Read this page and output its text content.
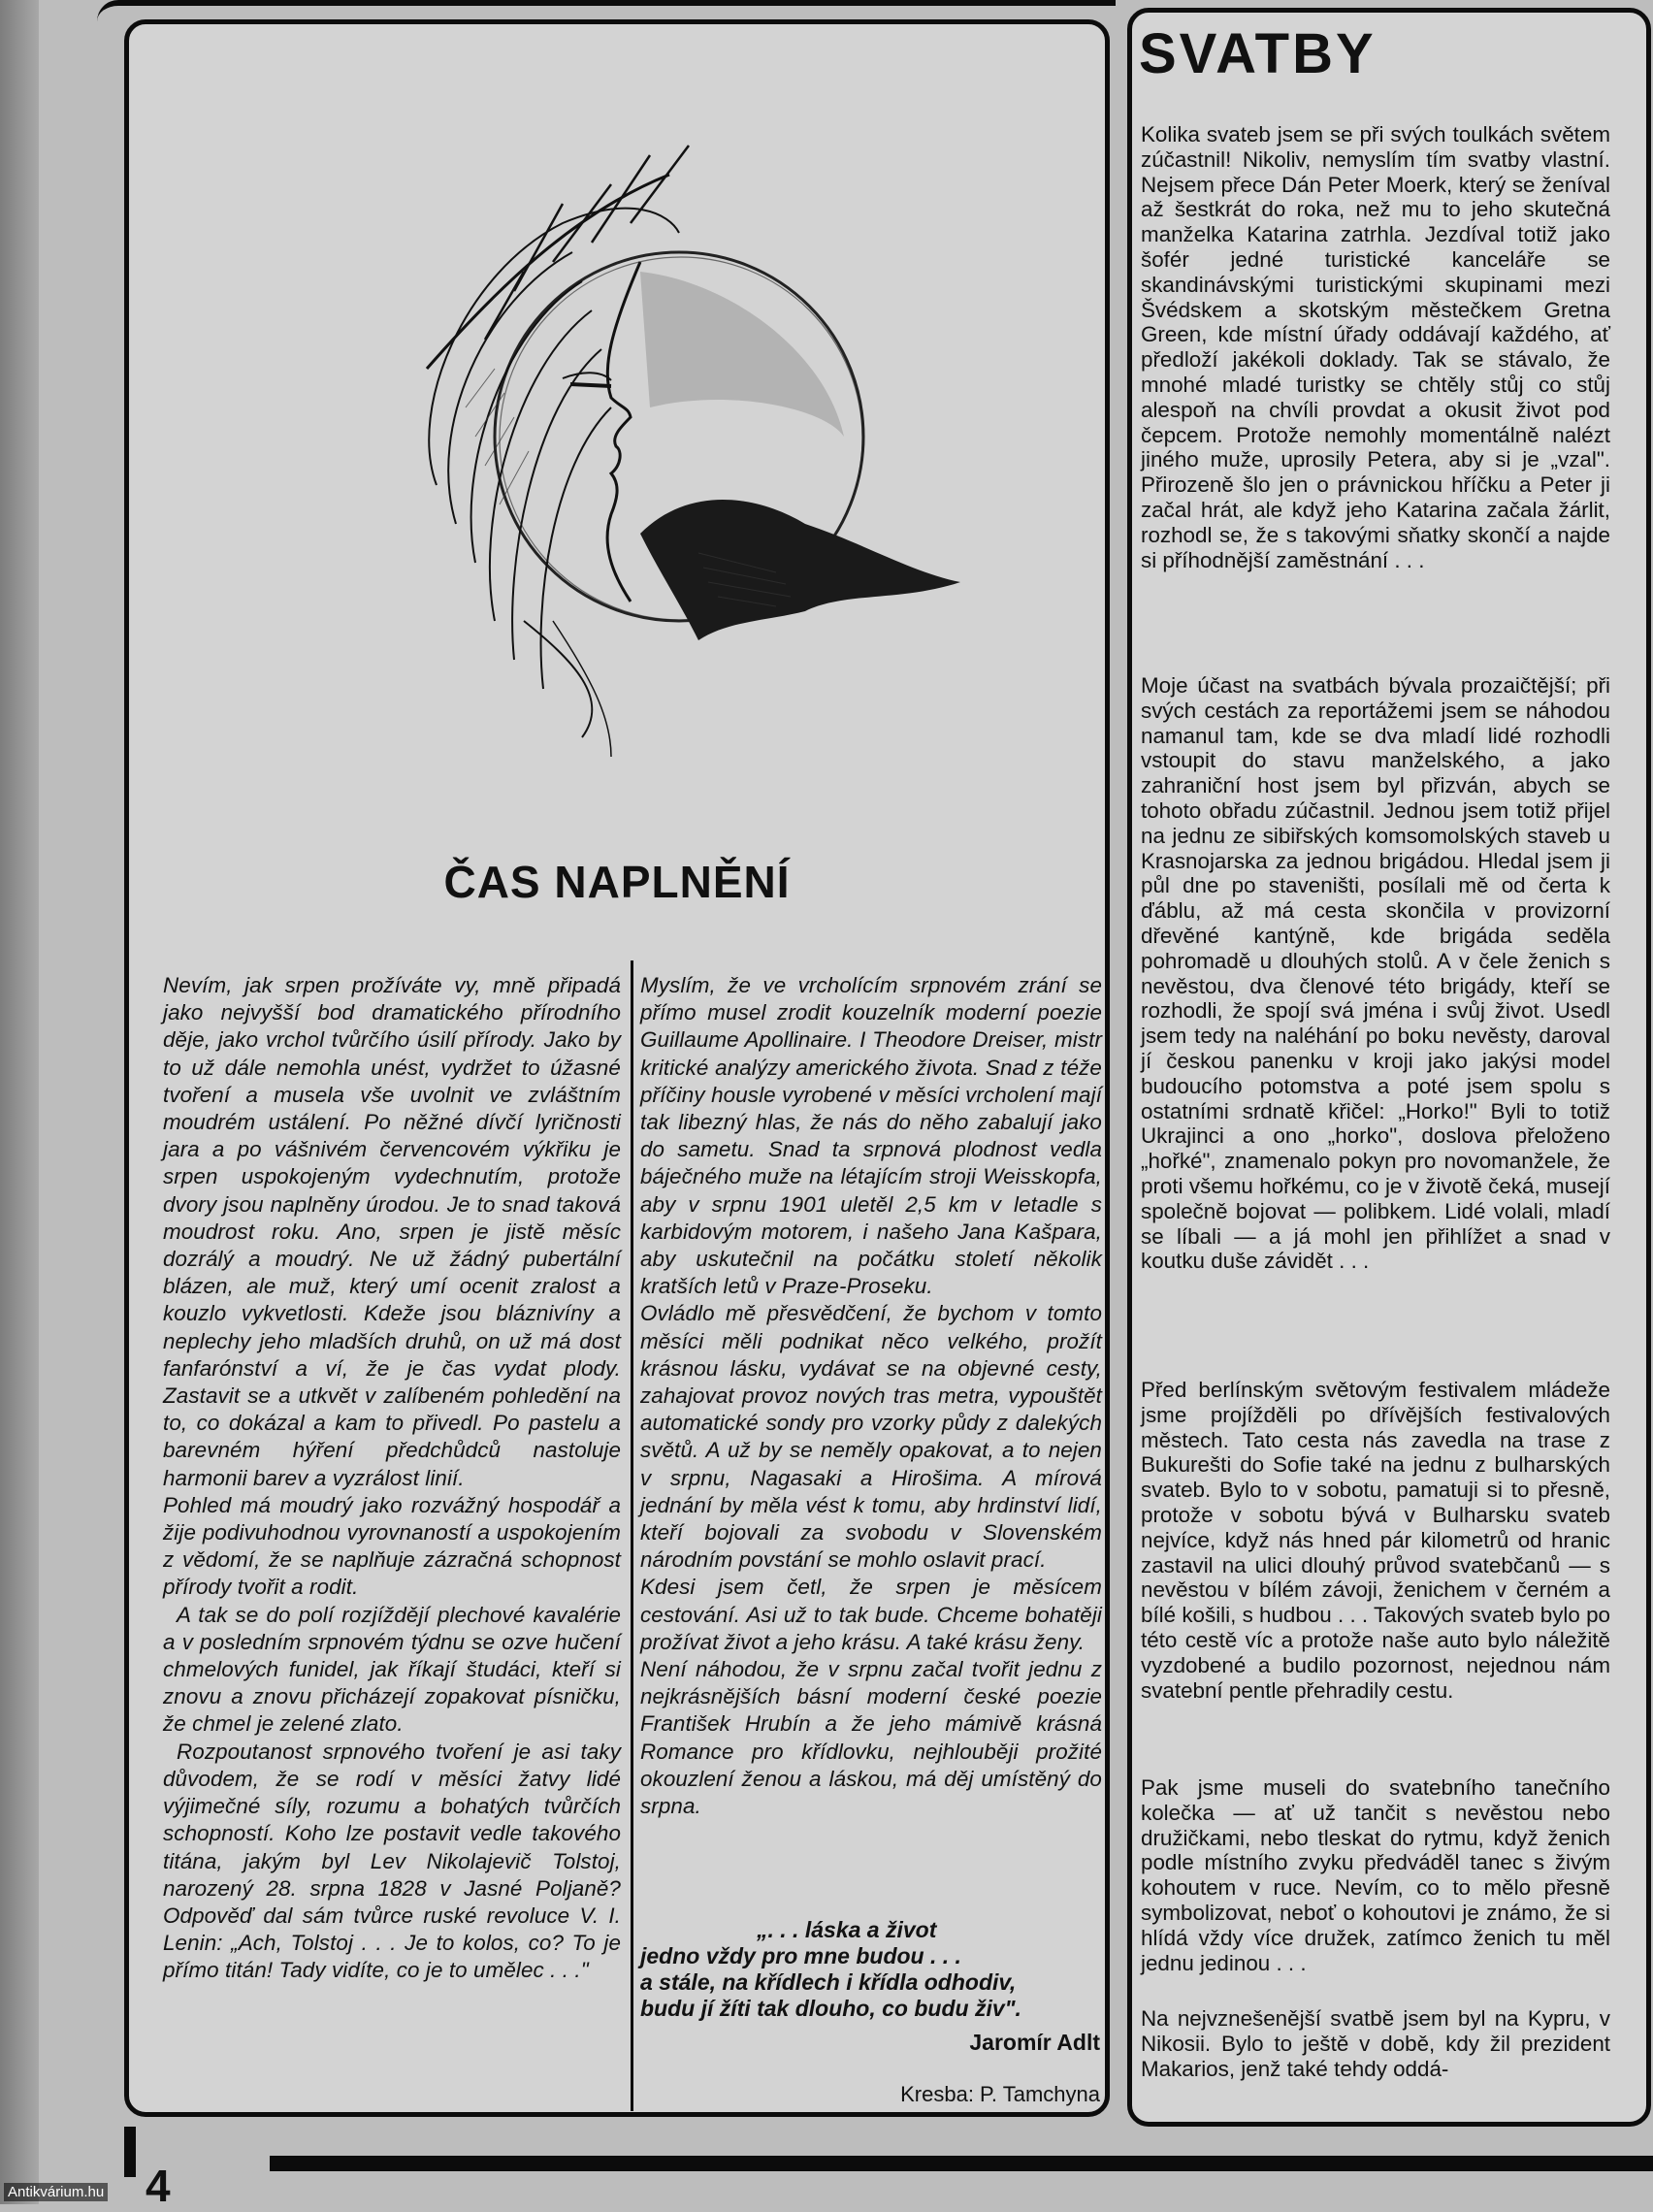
ČAS NAPLNĚNÍ

Nevím, jak srpen prožíváte vy, mně připadá jako nejvyšší bod dramatického přírodního děje, jako vrchol tvůrčího úsilí přírody. Jako by to už dále nemohla unést, vydržet to úžasné tvoření a musela vše uvolnit ve zvláštním moudrém ustálení. Po něžné dívčí lyričnosti jara a po vášnivém červencovém výkřiku je srpen uspokojeným vydechnutím, protože dvory jsou naplněny úrodou. Je to snad taková moudrost roku. Ano, srpen je jistě měsíc dozrálý a moudrý. Ne už žádný pubertální blázen, ale muž, který umí ocenit zralost a kouzlo vykvetlosti. Kdeže jsou bláznivíny a neplechy jeho mladších druhů, on už má dost fanfarónství a ví, že je čas vydat plody. Zastavit se a utkvět v zalíbeném pohledění na to, co dokázal a kam to přivedl. Po pastelu a barevném hýření předchůdců nastoluje harmonii barev a vyzrálost linií.

Pohled má moudrý jako rozvážný hospodář a žije podivuhodnou vyrovnaností a uspokojením z vědomí, že se naplňuje zázračná schopnost přírody tvořit a rodit.

A tak se do polí rozjíždějí plechové kavalérie a v posledním srpnovém týdnu se ozve hučení chmelových funidel, jak říkají študáci, kteří si znovu a znovu přicházejí zopakovat písničku, že chmel je zelené zlato.

Rozpoutanost srpnového tvoření je asi taky důvodem, že se rodí v měsíci žatvy lidé výjimečné síly, rozumu a bohatých tvůrčích schopností. Koho lze postavit vedle takového titána, jakým byl Lev Nikolajevič Tolstoj, narozený 28. srpna 1828 v Jasné Poljaně? Odpověď dal sám tvůrce ruské revoluce V. I. Lenin: „Ach, Tolstoj . . . Je to kolos, co? To je přímo titán! Tady vidíte, co je to umělec . . ."

Myslím, že ve vrcholícím srpnovém zrání se přímo musel zrodit kouzelník moderní poezie Guillaume Apollinaire. I Theodore Dreiser, mistr kritické analýzy amerického života. Snad z téže příčiny housle vyrobené v měsíci vrcholení mají tak libezný hlas, že nás do něho zabalují jako do sametu. Snad ta srpnová plodnost vedla báječného muže na létajícím stroji Weisskopfa, aby v srpnu 1901 uletěl 2,5 km v letadle s karbidovým motorem, i našeho Jana Kašpara, aby uskutečnil na počátku století několik kratších letů v Praze-Proseku.

Ovládlo mě přesvědčení, že bychom v tomto měsíci měli podnikat něco velkého, prožít krásnou lásku, vydávat se na objevné cesty, zahajovat provoz nových tras metra, vypouštět automatické sondy pro vzorky půdy z dalekých světů. A už by se neměly opakovat, a to nejen v srpnu, Nagasaki a Hirošima. A mírová jednání by měla vést k tomu, aby hrdinství lidí, kteří bojovali za svobodu v Slovenském národním povstání se mohlo oslavit prací.

Kdesi jsem četl, že srpen je měsícem cestování. Asi už to tak bude. Chceme bohatěji prožívat život a jeho krásu. A také krásu ženy.

Není náhodou, že v srpnu začal tvořit jednu z nejkrásnějších básní moderní české poezie František Hrubín a že jeho mámivě krásná Romance pro křídlovku, nejhlouběji prožité okouzlení ženou a láskou, má děj umístěný do srpna.

„. . . láska a život
jedno vždy pro mne budou . . .
a stále, na křídlech i křídla odhodiv,
budu jí žíti tak dlouho, co budu živ".
Jaromír Adlt
Kresba: P. Tamchyna
SVATBY
Kolika svateb jsem se při svých toulkách světem zúčastnil! Nikoliv, nemyslím tím svatby vlastní. Nejsem přece Dán Peter Moerk, který se ženíval až šestkrát do roka, než mu to jeho skutečná manželka Katarina zatrhla. Jezdíval totiž jako šofér jedné turistické kanceláře se skandinávskými turistickými skupinami mezi Švédskem a skotským městečkem Gretna Green, kde místní úřady oddávají každého, ať předloží jakékoli doklady. Tak se stávalo, že mnohé mladé turistky se chtěly stůj co stůj alespoň na chvíli provdat a okusit život pod čepcem. Protože nemohly momentálně nalézt jiného muže, uprosily Petera, aby si je „vzal". Přirozeně šlo jen o právnickou hříčku a Peter ji začal hrát, ale když jeho Katarina začala žárlit, rozhodl se, že s takovými sňatky skončí a najde si příhodnější zaměstnání . . .
Moje účast na svatbách bývala prozaičtější; při svých cestách za reportážemi jsem se náhodou namanul tam, kde se dva mladí lidé rozhodli vstoupit do stavu manželského, a jako zahraniční host jsem byl přizván, abych se tohoto obřadu zúčastnil. Jednou jsem totiž přijel na jednu ze sibiřských komsomolských staveb u Krasnojarska za jednou brigádou. Hledal jsem ji půl dne po staveništi, posílali mě od čerta k ďáblu, až má cesta skončila v provizorní dřevěné kantýně, kde brigáda seděla pohromadě u dlouhých stolů. A v čele ženich s nevěstou, dva členové této brigády, kteří se rozhodli, že spojí svá jména i svůj život. Usedl jsem tedy na naléhání po boku nevěsty, daroval jí českou panenku v kroji jako jakýsi model budoucího potomstva a poté jsem spolu s ostatními srdnatě křičel: „Horko!" Byli to totiž Ukrajinci a ono „horko", doslova přeloženo „hořké", znamenalo pokyn pro novomanžele, že proti všemu hořkému, co je v životě čeká, musejí společně bojovat — polibkem. Lidé volali, mladí se líbali — a já mohl jen přihlížet a snad v koutku duše závidět . . .
Před berlínským světovým festivalem mládeže jsme projížděli po dřívějších festivalových městech. Tato cesta nás zavedla na trase z Bukurešti do Sofie také na jednu z bulharských svateb. Bylo to v sobotu, pamatuji si to přesně, protože v sobotu bývá v Bulharsku svateb nejvíce, když nás hned pár kilometrů od hranic zastavil na ulici dlouhý průvod svatebčanů — s nevěstou v bílém závoji, ženichem v černém a bílé košili, s hudbou . . . Takových svateb bylo po této cestě víc a protože naše auto bylo náležitě vyzdobené a budilo pozornost, nejednou nám svatební pentle přehradily cestu.
Pak jsme museli do svatebního tanečního kolečka — ať už tančit s nevěstou nebo družičkami, nebo tleskat do rytmu, když ženich podle místního zvyku předváděl tanec s živým kohoutem v ruce. Nevím, co to mělo přesně symbolizovat, neboť o kohoutovi je známo, že si hlídá vždy více družek, zatímco ženich tu měl jednu jedinou . . .
Na nejvznešenější svatbě jsem byl na Kypru, v Nikosii. Bylo to ještě v době, kdy žil prezident Makarios, jenž také tehdy oddá-
4
Antikvárium.hu
